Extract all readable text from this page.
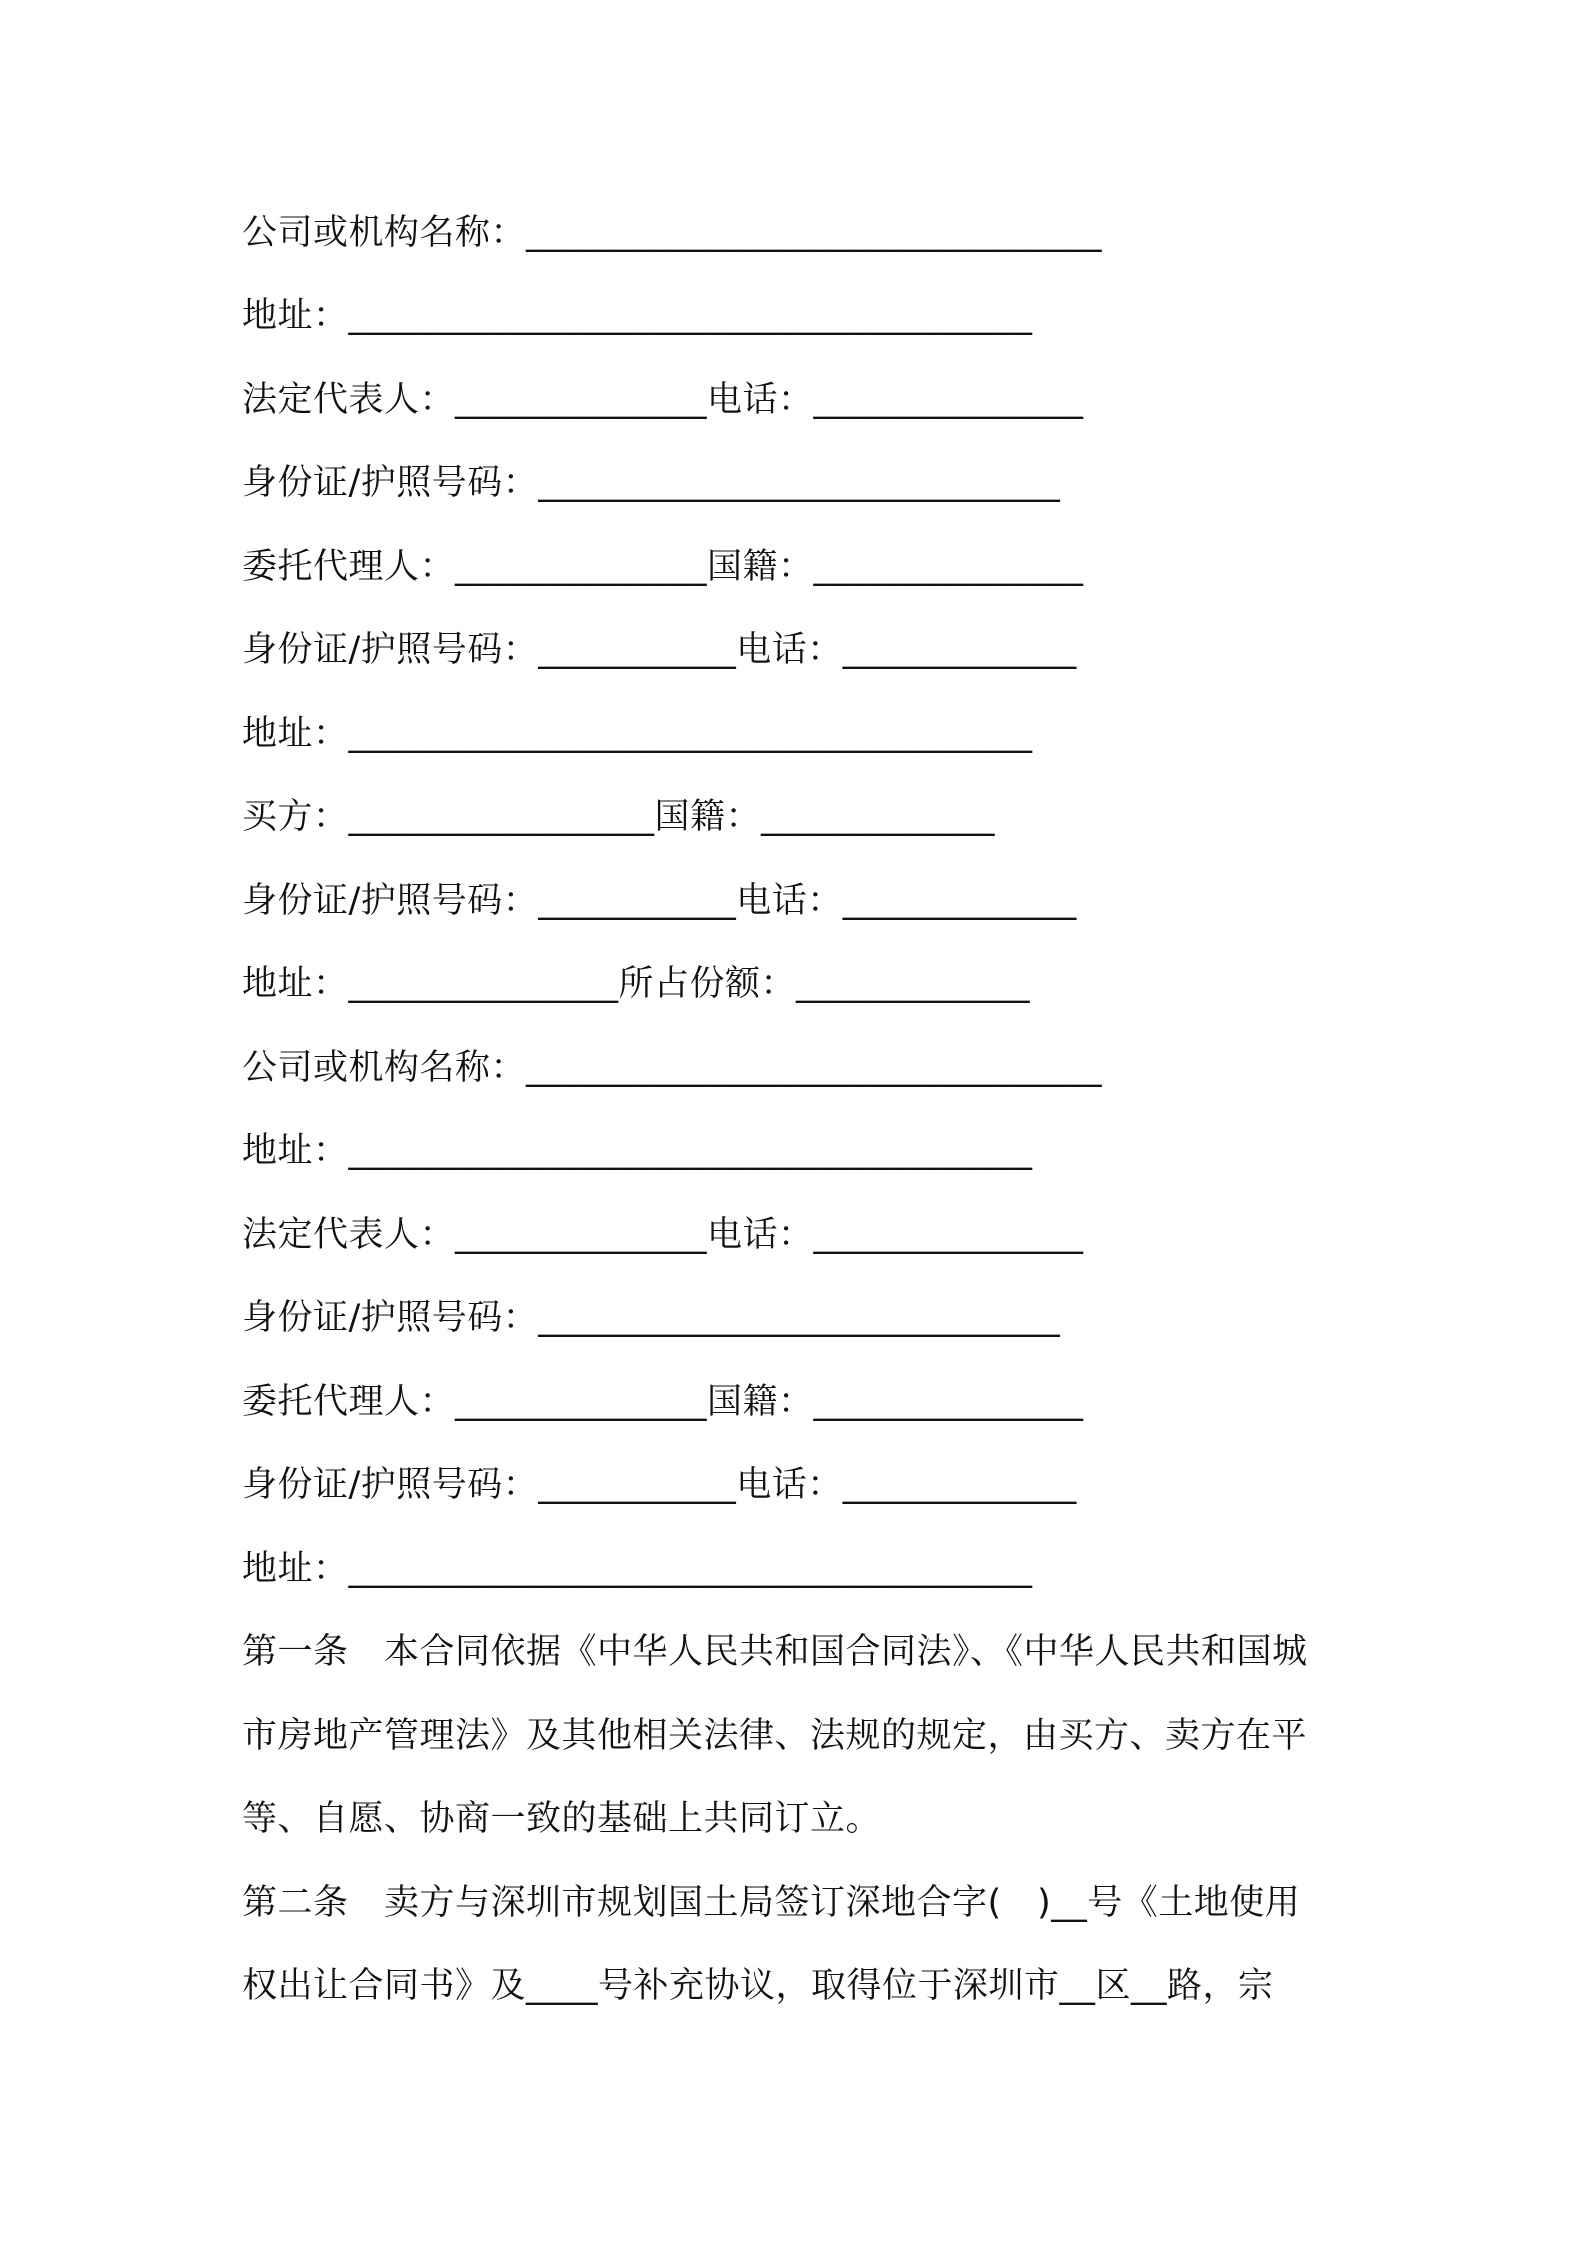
公司或机构名称：________________________________
地址：______________________________________
法定代表人：______________电话：_______________
身份证/护照号码：_____________________________
委托代理人：______________国籍：_______________
身份证/护照号码：___________电话：_____________
地址：______________________________________
买方：_________________国籍：_____________
身份证/护照号码：___________电话：_____________
地址：_______________所占份额：_____________
公司或机构名称：________________________________
地址：______________________________________
法定代表人：______________电话：_______________
身份证/护照号码：_____________________________
委托代理人：______________国籍：_______________
身份证/护照号码：___________电话：_____________
地址：______________________________________
第一条　本合同依据《中华人民共和国合同法》、《中华人民共和国城
市房地产管理法》及其他相关法律、法规的规定，由买方、卖方在平
等、自愿、协商一致的基础上共同订立。
第二条　卖方与深圳市规划国土局签订深地合字(　)__号《土地使用
权出让合同书》及____号补充协议，取得位于深圳市__区__路，宗
